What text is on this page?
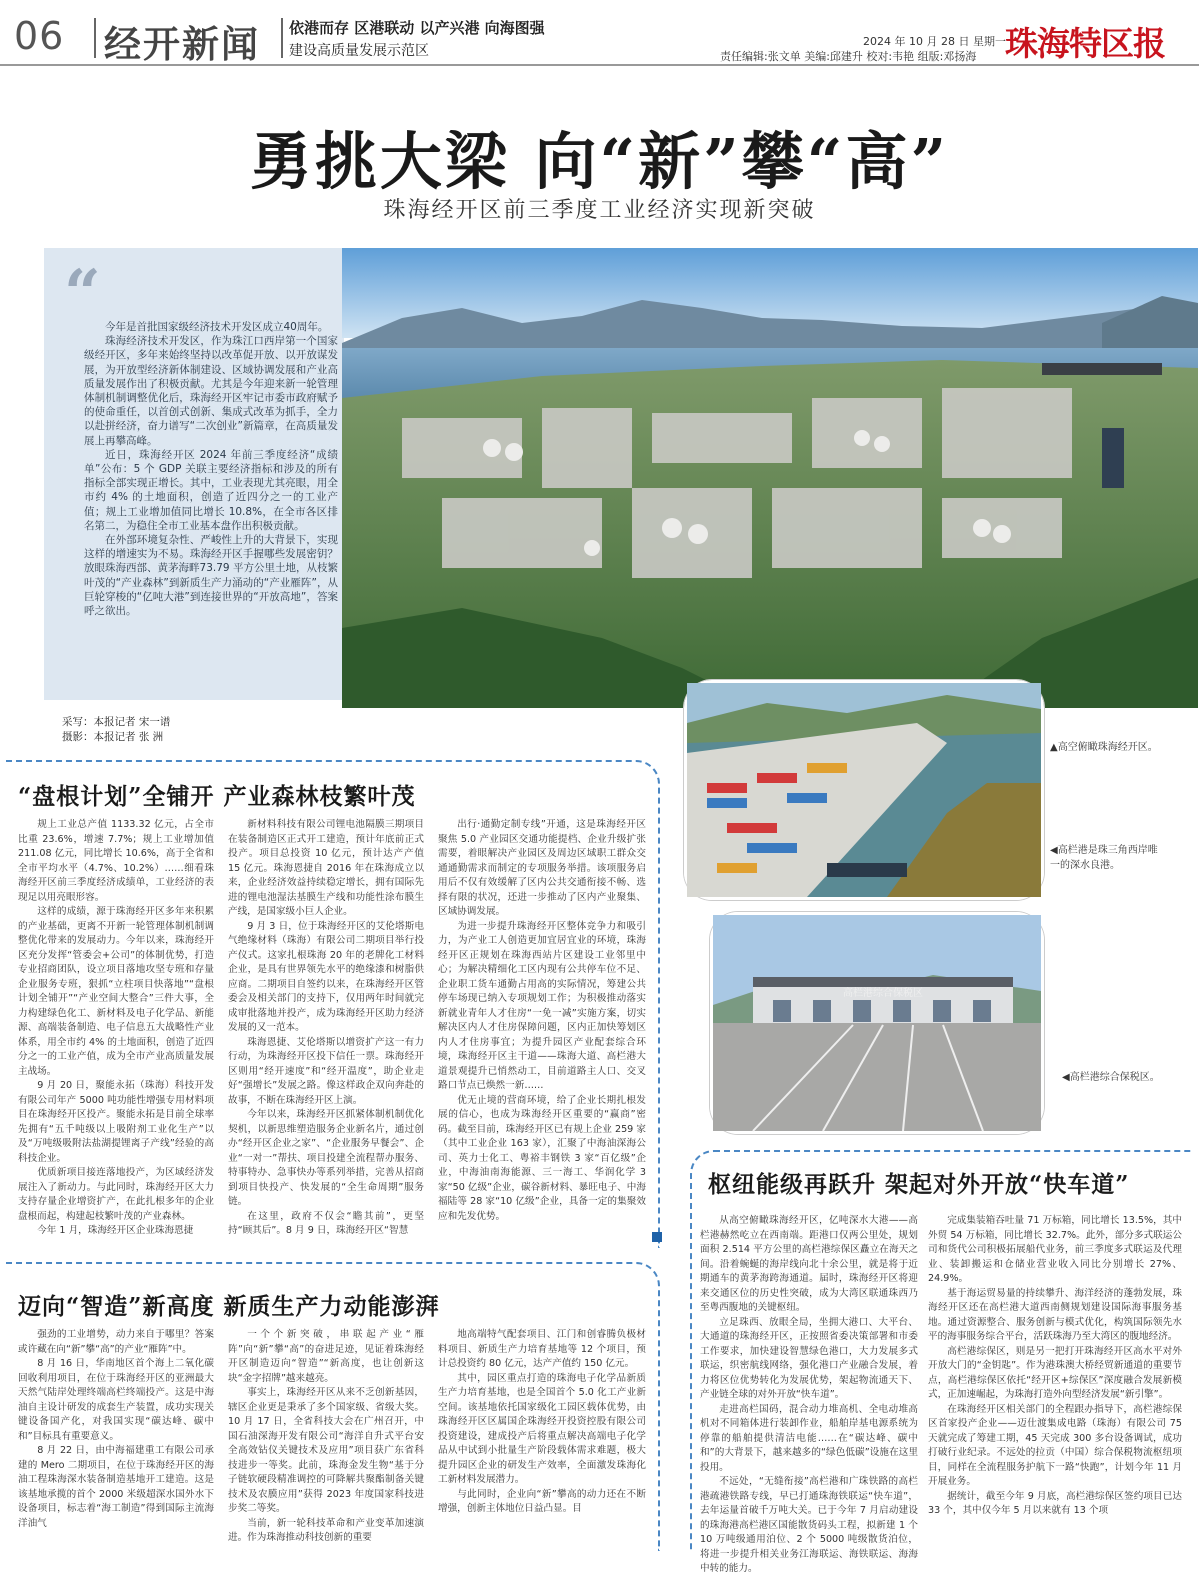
06 经开新闻 依港而存 区港联动 以产兴港 向海图强
建设高质量发展示范区
2024 年 10 月 28 日 星期一
责任编辑:张文单 美编:邱建升 校对:韦艳 组版:邓扬海 珠海特区报
勇挑大梁 向“新”攀“高”
珠海经开区前三季度工业经济实现新突破
“ 今年是首批国家级经济技术开发区成立40周年。

珠海经济技术开发区，作为珠江口西岸第一个国家级经开区，多年来始终坚持以改革促开放、以开放谋发展，为开放型经济新体制建设、区域协调发展和产业高质量发展作出了积极贡献。尤其是今年迎来新一轮管理体制机制调整优化后，珠海经开区牢记市委市政府赋予的使命重任，以首创式创新、集成式改革为抓手，全力以赴拼经济，奋力谱写“二次创业”新篇章，在高质量发展上再攀高峰。

近日，珠海经开区 2024 年前三季度经济“成绩单”公布：5 个 GDP 关联主要经济指标和涉及的所有指标全部实现正增长。其中，工业表现尤其亮眼，用全市约 4% 的土地面积，创造了近四分之一的工业产值；规上工业增加值同比增长 10.8%，在全市各区排名第二，为稳住全市工业基本盘作出积极贡献。

在外部环境复杂性、严峻性上升的大背景下，实现这样的增速实为不易。珠海经开区手握哪些发展密钥？放眼珠海西部、黄茅海畔73.79 平方公里土地，从枝繁叶茂的“产业森林”到新质生产力涌动的“产业雁阵”，从巨轮穿梭的“亿吨大港”到连接世界的“开放高地”，答案呼之欲出。

采写：本报记者 宋一谱
摄影：本报记者 张 洲
▲高空俯瞰珠海经开区。
◀高栏港是珠三角西岸唯一的深水良港。
高栏港综合保税区
◀高栏港综合保税区。
“盘根计划”全铺开 产业森林枝繁叶茂

规上工业总产值 1133.32 亿元，占全市比重 23.6%，增速 7.7%；规上工业增加值 211.08 亿元，同比增长 10.6%，高于全省和全市平均水平（4.7%、10.2%）……细看珠海经开区前三季度经济成绩单，工业经济的表现足以用亮眼形容。

这样的成绩，源于珠海经开区多年来积累的产业基础，更离不开新一轮管理体制机制调整优化带来的发展动力。今年以来，珠海经开区充分发挥“管委会+公司”的体制优势，打造专业招商团队，设立项目落地攻坚专班和存量企业服务专班，狠抓“立柱项目快落地”“盘根计划全铺开”“产业空间大整合”三件大事，全力构建绿色化工、新材料及电子化学品、新能源、高端装备制造、电子信息五大战略性产业体系，用全市约 4% 的土地面积，创造了近四分之一的工业产值，成为全市产业高质量发展主战场。

9 月 20 日，聚能永拓（珠海）科技开发有限公司年产 5000 吨功能性增强专用材料项目在珠海经开区投产。聚能永拓是目前全球率先拥有“五千吨级以上吸附剂工业化生产”以及“万吨级吸附法盐湖提锂离子产线”经验的高科技企业。

优质新项目接连落地投产，为区域经济发展注入了新动力。与此同时，珠海经开区大力支持存量企业增资扩产，在此扎根多年的企业盘根而起，构建起枝繁叶茂的产业森林。

今年 1 月，珠海经开区企业珠海恩捷

新材料科技有限公司锂电池隔膜三期项目在装备制造区正式开工建造，预计年底前正式投产。项目总投资 10 亿元，预计达产产值 15 亿元。珠海恩捷自 2016 年在珠海成立以来，企业经济效益持续稳定增长，拥有国际先进的锂电池湿法基膜生产线和功能性涂布膜生产线，是国家级小巨人企业。

9 月 3 日，位于珠海经开区的艾伦塔斯电气绝缘材料（珠海）有限公司二期项目举行投产仪式。这家扎根珠海 20 年的老牌化工材料企业，是具有世界领先水平的绝缘漆和树脂供应商。二期项目自签约以来，在珠海经开区管委会及相关部门的支持下，仅用两年时间就完成审批落地并投产，成为珠海经开区助力经济发展的又一范本。

珠海恩捷、艾伦塔斯以增资扩产这一有力行动，为珠海经开区投下信任一票。珠海经开区则用“经开速度”和“经开温度”，助企业走好“强增长”发展之路。像这样政企双向奔赴的故事，不断在珠海经开区上演。

今年以来，珠海经开区抓紧体制机制优化契机，以新思维塑造服务企业新名片，通过创办“经开区企业之家”、“企业服务早餐会”、企业“一对一”帮扶、项目投建全流程帮办服务、特事特办、急事快办等系列举措，完善从招商到项目快投产、快发展的“全生命周期”服务链。

在这里，政府不仅会“瞻其前”，更坚持“顾其后”。8 月 9 日，珠海经开区“智慧

出行·通勤定制专线”开通，这是珠海经开区聚焦 5.0 产业园区交通功能提档、企业升级扩张需要，着眼解决产业园区及周边区域职工群众交通通勤需求而制定的专项服务举措。该项服务启用后不仅有效缓解了区内公共交通衔接不畅、选择有限的状况，还进一步推动了区内产业聚集、区域协调发展。

为进一步提升珠海经开区整体竞争力和吸引力，为产业工人创造更加宜居宜业的环境，珠海经开区正规划在珠海西站片区建设工业邻里中心；为解决精细化工区内现有公共停车位不足、企业职工货车通勤占用高的实际情况，筹建公共停车场现已纳入专项规划工作；为积极推动落实新就业青年人才住房“一免一减”实施方案，切实解决区内人才住房保障问题，区内正加快筹划区内人才住房事宜；为提升园区产业配套综合环境，珠海经开区主干道——珠海大道、高栏港大道景观提升已悄然动工，目前道路主人口、交叉路口节点已焕然一新……

优无止境的营商环境，给了企业长期扎根发展的信心，也成为珠海经开区重要的“赢商”密码。截至目前，珠海经开区已有规上企业 259 家（其中工业企业 163 家），汇聚了中海油深海公司、英力士化工、粤裕丰钢铁 3 家“百亿级”企业，中海油南海能源、三一海工、华润化学 3 家“50 亿级”企业，碳谷新材料、暴旺电子、中海福陆等 28 家“10 亿级”企业，具备一定的集聚效应和先发优势。

枢纽能级再跃升 架起对外开放“快车道”

从高空俯瞰珠海经开区，亿吨深水大港——高栏港赫然屹立在西南端。距港口仅两公里处，规划面积 2.514 平方公里的高栏港综保区矗立在海天之间。沿着蜿蜒的海岸线向北十余公里，就是将于近期通车的黄茅海跨海通道。届时，珠海经开区将迎来交通区位的历史性突破，成为大湾区联通珠西乃至粤西腹地的关键枢纽。

立足珠西、放眼全局，坐拥大港口、大平台、大通道的珠海经开区，正按照省委决策部署和市委工作要求，加快建设智慧绿色港口，大力发展多式联运，织密航线网络，强化港口产业融合发展，着力将区位优势转化为发展优势，架起物流通天下、产业链全球的对外开放“快车道”。

走进高栏国码，混合动力堆高机、全电动堆高机对不同箱体进行装卸作业，船舶岸基电源系统为停靠的船舶提供清洁电能……在“碳达峰、碳中和”的大背景下，越来越多的“绿色低碳”设施在这里投用。

不远处，“无缝衔接”高栏港和广珠铁路的高栏港疏港铁路专线，早已打通珠海铁联运“快车道”，去年运量首破千万吨大关。已于今年 7 月启动建设的珠海港高栏港区国能散货码头工程，拟新建 1 个 10 万吨级通用泊位、2 个 5000 吨级散货泊位，将进一步提升相关业务江海联运、海铁联运、海海中转的能力。

完成集装箱吞吐量 71 万标箱，同比增长 13.5%，其中外贸 54 万标箱，同比增长 32.7%。此外，部分多式联运公司和货代公司积极拓展船代业务，前三季度多式联运及代理业、装卸搬运和仓储业营业收入同比分别增长 27%、24.9%。

基于海运贸易量的持续攀升、海洋经济的蓬勃发展，珠海经开区还在高栏港大道西南侧规划建设国际海事服务基地。通过资源整合、服务创新与模式优化，构筑国际领先水平的海事服务综合平台，活跃珠海乃至大湾区的腹地经济。

高栏港综保区，则是另一把打开珠海经开区高水平对外开放大门的“金钥匙”。作为港珠澳大桥经贸新通道的重要节点，高栏港综保区依托“经开区+综保区”深度融合发展新模式，正加速崛起，为珠海打造外向型经济发展“新引擎”。

在珠海经开区相关部门的全程跟办指导下，高栏港综保区首家投产企业——迈仕渡集成电路（珠海）有限公司 75 天就完成了筹建工期，45 天完成 300 多台设备调试，成功打破行业纪录。不远处的拉贡（中国）综合保税物流枢纽项目，同样在全流程服务护航下一路“快跑”，计划今年 11 月开展业务。

据统计，截至今年 9 月底，高栏港综保区签约项目已达 33 个，其中仅今年 5 月以来就有 13 个项

迈向“智造”新高度 新质生产力动能澎湃

强劲的工业增势，动力来自于哪里？答案或许藏在向“新”攀“高”的产业“雁阵”中。

8 月 16 日，华南地区首个海上二氧化碳回收利用项目，在位于珠海经开区的亚洲最大天然气陆岸处理终端高栏终端投产。这是中海油自主设计研发的成套生产装置，成功实现关键设备国产化，对我国实现“碳达峰、碳中和”目标具有重要意义。

8 月 22 日，由中海福建重工有限公司承建的 Mero 二期项目，在位于珠海经开区的海油工程珠海深水装备制造基地开工建造。这是该基地承揽的首个 2000 米级超深水国外水下设备项目，标志着“海工制造”得到国际主流海洋油气

一个个新突破，串联起产业“雁阵”向“新”攀“高”的奋进足迹，见证着珠海经开区制造迈向“智造”“新高度，也让创新这块“金字招牌”越来越亮。

事实上，珠海经开区从来不乏创新基因，辖区企业更是秉承了多个国家级、省级大奖。10 月 17 日，全省科技大会在广州召开，中国石油深海开发有限公司“海洋自升式平台安全高效钻仪关键技术及应用”项目获广东省科技进步一等奖。此前，珠海金发生物“基于分子链软硬段精准调控的可降解共聚酯制备关键技术及农膜应用”获得 2023 年度国家科技进步奖二等奖。

当前，新一轮科技革命和产业变革加速演进。作为珠海推动科技创新的重要

地高端特气配套项目、江门和创睿腾负极材料项目、新质生产力培育基地等 12 个项目，预计总投资约 80 亿元，达产产值约 150 亿元。

其中，园区重点打造的珠海电子化学品新质生产力培育基地，也是全国首个 5.0 化工产业新空间。该基地依托国家级化工园区载体优势，由珠海经开区区属国企珠海经开投资控股有限公司投资建设，建成投产后将重点解决高端电子化学品从中试到小批量生产阶段载体需求难题，极大提升园区企业的研发生产效率，全面激发珠海化工新材料发展潜力。

与此同时，企业向“新”攀高的动力还在不断增强，创新主体地位日益凸显。目
